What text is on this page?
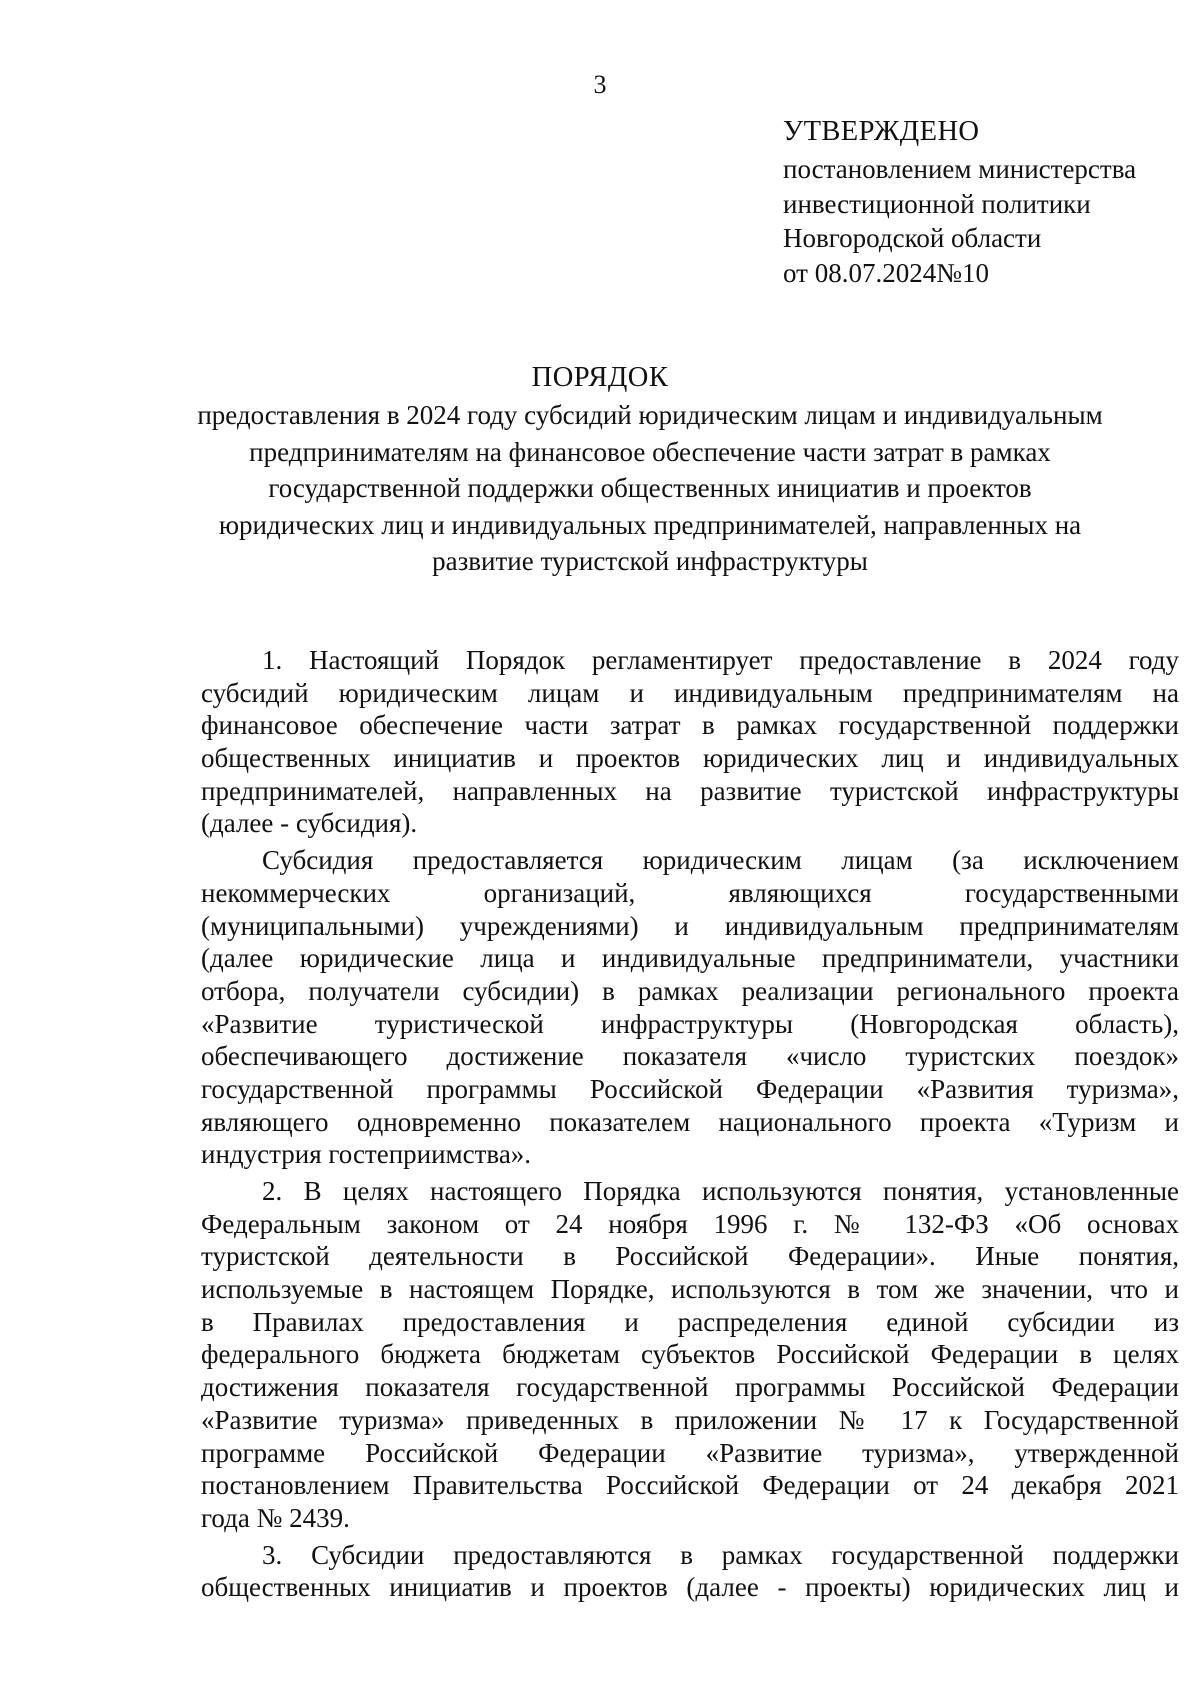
3
УТВЕРЖДЕНО
постановлением министерства
инвестиционной политики
Новгородской области
от 08.07.2024№10
ПОРЯДОК
предоставления в 2024 году субсидий юридическим лицам и индивидуальным
предпринимателям на финансовое обеспечение части затрат в рамках
государственной поддержки общественных инициатив и проектов
юридических лиц и индивидуальных предпринимателей, направленных на
развитие туристской инфраструктуры
1. Настоящий Порядок регламентирует предоставление в 2024 году
субсидий юридическим лицам и индивидуальным предпринимателям на
финансовое обеспечение части затрат в рамках государственной поддержки
общественных инициатив и проектов юридических лиц и индивидуальных
предпринимателей, направленных на развитие туристской инфраструктуры
(далее - субсидия).
Субсидия предоставляется юридическим лицам (за исключением
некоммерческих организаций, являющихся государственными
(муниципальными) учреждениями) и индивидуальным предпринимателям
(далее юридические лица и индивидуальные предприниматели, участники
отбора, получатели субсидии) в рамках реализации регионального проекта
«Развитие туристической инфраструктуры (Новгородская область),
обеспечивающего достижение показателя «число туристских поездок»
государственной программы Российской Федерации «Развития туризма»,
являющего одновременно показателем национального проекта «Туризм и
индустрия гостеприимства».
2. В целях настоящего Порядка используются понятия, установленные
Федеральным законом от 24 ноября 1996 г. № 132-ФЗ «Об основах
туристской деятельности в Российской Федерации». Иные понятия,
используемые в настоящем Порядке, используются в том же значении, что и
в Правилах предоставления и распределения единой субсидии из
федерального бюджета бюджетам субъектов Российской Федерации в целях
достижения показателя государственной программы Российской Федерации
«Развитие туризма» приведенных в приложении № 17 к Государственной
программе Российской Федерации «Развитие туризма», утвержденной
постановлением Правительства Российской Федерации от 24 декабря 2021
года № 2439.
3. Субсидии предоставляются в рамках государственной поддержки
общественных инициатив и проектов (далее - проекты) юридических лиц и
